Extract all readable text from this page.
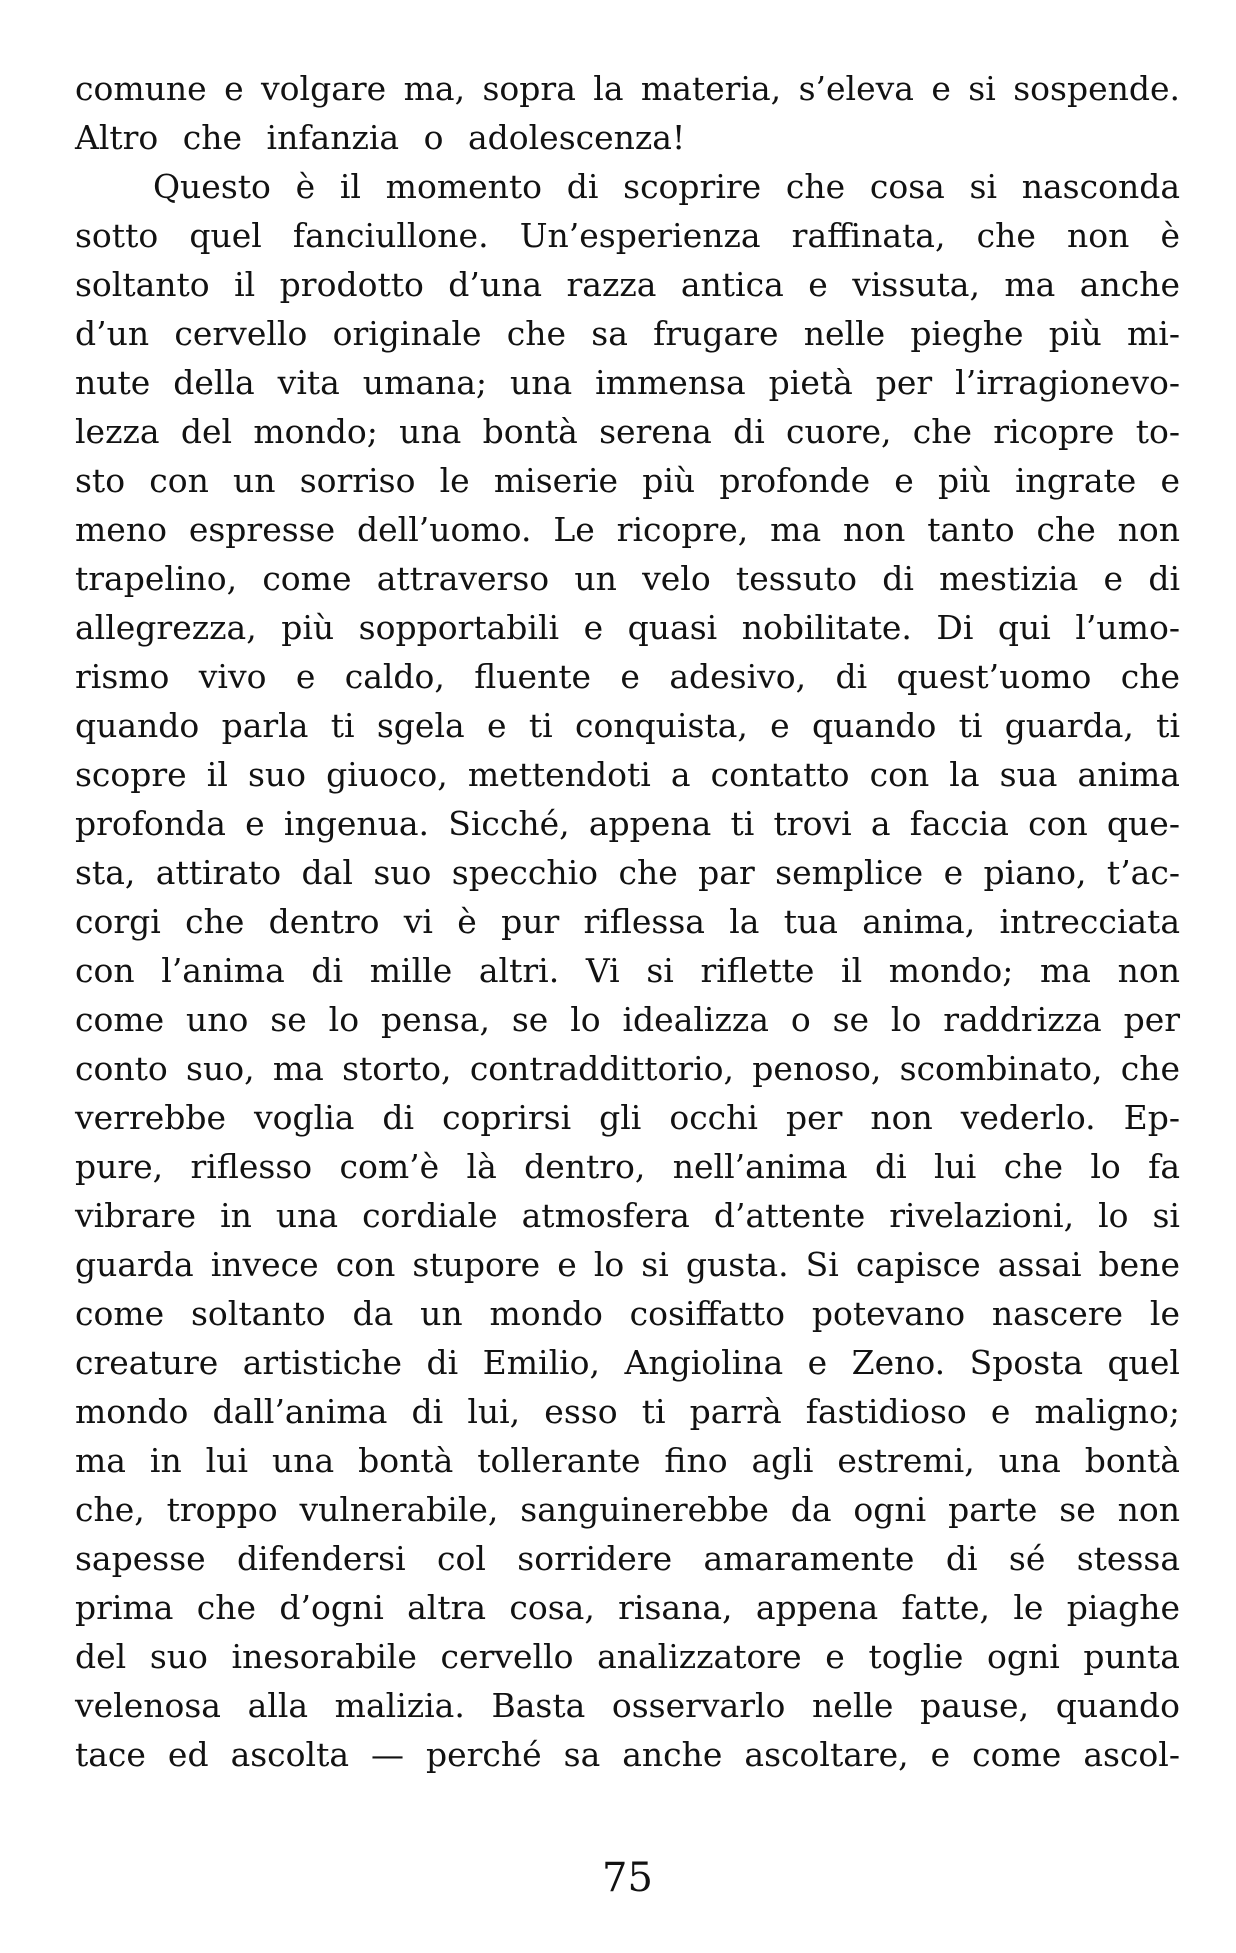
comune e volgare ma, sopra la materia, s’eleva e si sospende.
Altro che infanzia o adolescenza!
Questo è il momento di scoprire che cosa si nasconda
sotto quel fanciullone. Un’esperienza raffinata, che non è
soltanto il prodotto d’una razza antica e vissuta, ma anche
d’un cervello originale che sa frugare nelle pieghe più mi-
nute della vita umana; una immensa pietà per l’irragionevo-
lezza del mondo; una bontà serena di cuore, che ricopre to-
sto con un sorriso le miserie più profonde e più ingrate e
meno espresse dell’uomo. Le ricopre, ma non tanto che non
trapelino, come attraverso un velo tessuto di mestizia e di
allegrezza, più sopportabili e quasi nobilitate. Di qui l’umo-
rismo vivo e caldo, fluente e adesivo, di quest’uomo che
quando parla ti sgela e ti conquista, e quando ti guarda, ti
scopre il suo giuoco, mettendoti a contatto con la sua anima
profonda e ingenua. Sicché, appena ti trovi a faccia con que-
sta, attirato dal suo specchio che par semplice e piano, t’ac-
corgi che dentro vi è pur riflessa la tua anima, intrecciata
con l’anima di mille altri. Vi si riflette il mondo; ma non
come uno se lo pensa, se lo idealizza o se lo raddrizza per
conto suo, ma storto, contraddittorio, penoso, scombinato, che
verrebbe voglia di coprirsi gli occhi per non vederlo. Ep-
pure, riflesso com’è là dentro, nell’anima di lui che lo fa
vibrare in una cordiale atmosfera d’attente rivelazioni, lo si
guarda invece con stupore e lo si gusta. Si capisce assai bene
come soltanto da un mondo cosiffatto potevano nascere le
creature artistiche di Emilio, Angiolina e Zeno. Sposta quel
mondo dall’anima di lui, esso ti parrà fastidioso e maligno;
ma in lui una bontà tollerante fino agli estremi, una bontà
che, troppo vulnerabile, sanguinerebbe da ogni parte se non
sapesse difendersi col sorridere amaramente di sé stessa
prima che d’ogni altra cosa, risana, appena fatte, le piaghe
del suo inesorabile cervello analizzatore e toglie ogni punta
velenosa alla malizia. Basta osservarlo nelle pause, quando
tace ed ascolta — perché sa anche ascoltare, e come ascol-
75
